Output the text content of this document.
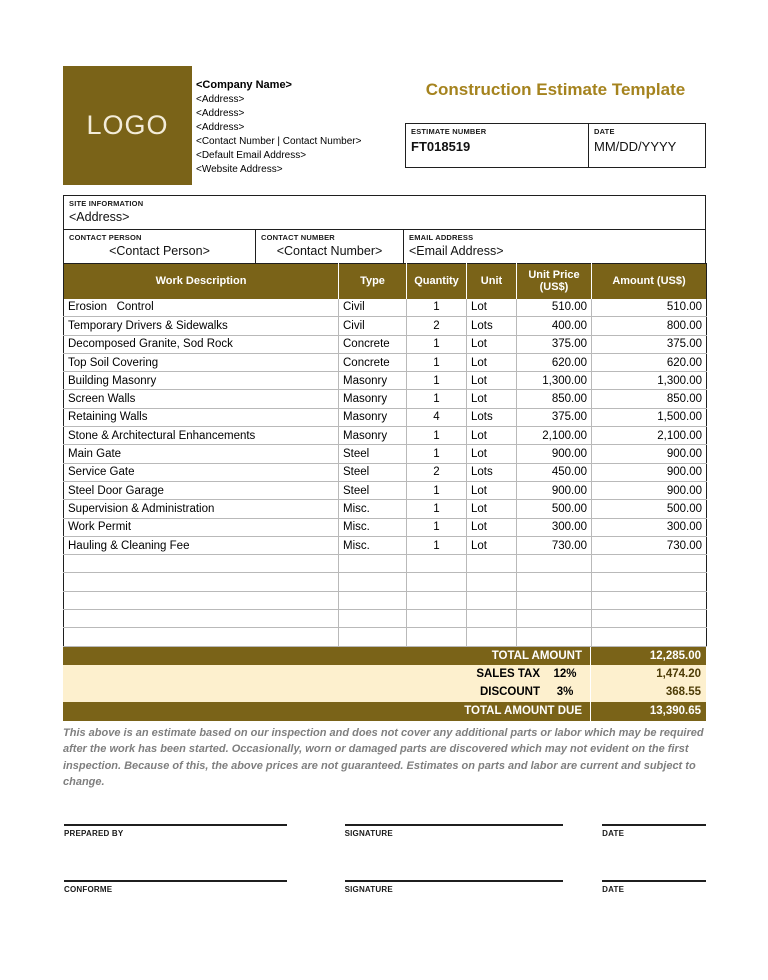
LOGO
<Company Name>
<Address>
<Address>
<Address>
<Contact Number | Contact Number>
<Default Email Address>
<Website Address>
Construction Estimate Template
ESTIMATE NUMBER
FT018519
DATE
MM/DD/YYYY
SITE INFORMATION
<Address>
CONTACT PERSON
<Contact Person>
CONTACT NUMBER
<Contact Number>
EMAIL ADDRESS
<Email Address>
Work Description	Type	Quantity	Unit	Unit Price (US$)	Amount (US$)
Erosion   Control	Civil	1	Lot	510.00	510.00
Temporary Drivers & Sidewalks	Civil	2	Lots	400.00	800.00
Decomposed Granite, Sod Rock	Concrete	1	Lot	375.00	375.00
Top Soil Covering	Concrete	1	Lot	620.00	620.00
Building Masonry	Masonry	1	Lot	1,300.00	1,300.00
Screen Walls	Masonry	1	Lot	850.00	850.00
Retaining Walls	Masonry	4	Lots	375.00	1,500.00
Stone & Architectural Enhancements	Masonry	1	Lot	2,100.00	2,100.00
Main Gate	Steel	1	Lot	900.00	900.00
Service Gate	Steel	2	Lots	450.00	900.00
Steel Door Garage	Steel	1	Lot	900.00	900.00
Supervision & Administration	Misc.	1	Lot	500.00	500.00
Work Permit	Misc.	1	Lot	300.00	300.00
Hauling & Cleaning Fee	Misc.	1	Lot	730.00	730.00

TOTAL AMOUNT	12,285.00
SALES TAX	12%	1,474.20
DISCOUNT	3%	368.55
TOTAL AMOUNT DUE	13,390.65

This above is an estimate based on our inspection and does not cover any additional parts or labor which may be required after the work has been started. Occasionally, worn or damaged parts are discovered which may not evident on the first inspection. Because of this, the above prices are not guaranteed. Estimates on parts and labor are current and subject to change.

PREPARED BY	SIGNATURE	DATE
CONFORME	SIGNATURE	DATE
